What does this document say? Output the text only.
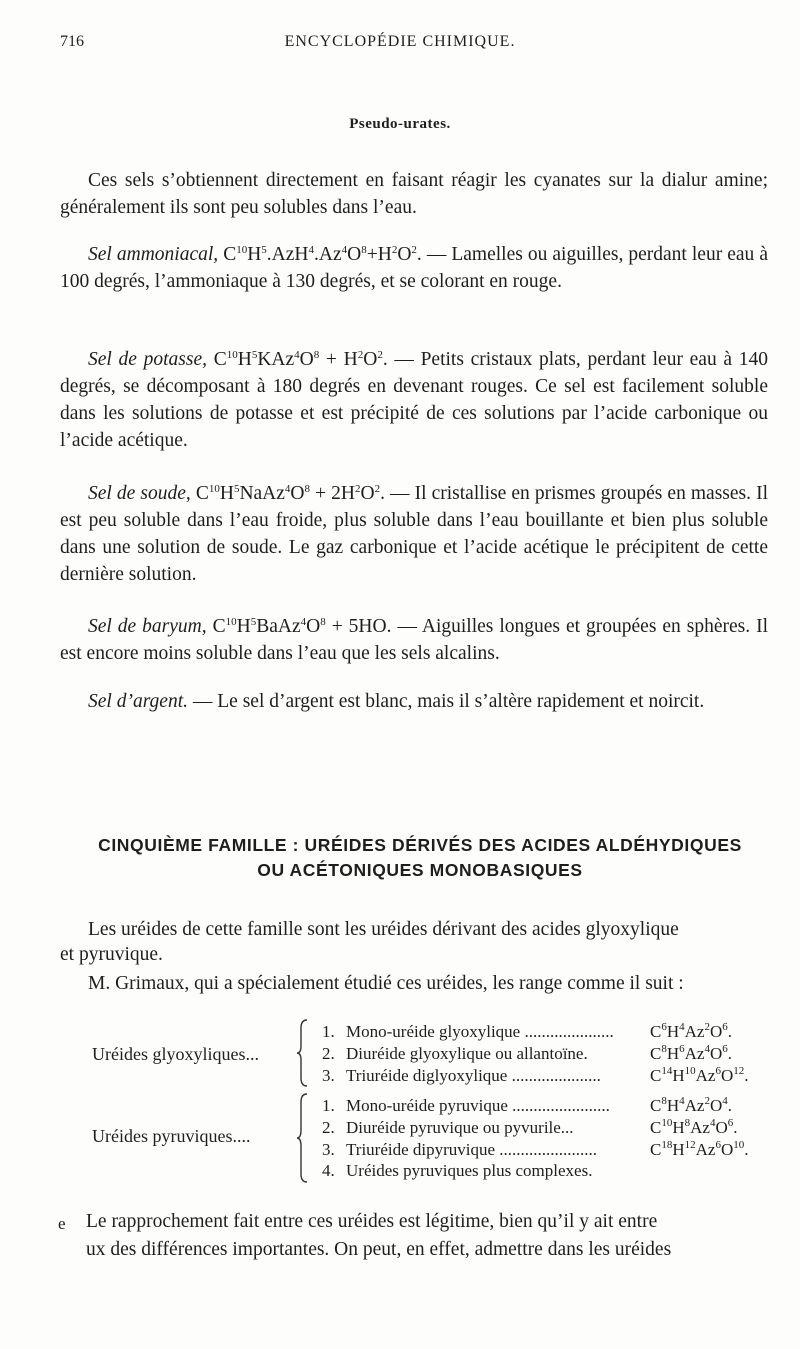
716	ENCYCLOPÉDIE CHIMIQUE.
Pseudo-urates.

Ces sels s’obtiennent directement en faisant réagir les cyanates sur la dialur amine; généralement ils sont peu solubles dans l’eau.

Sel ammoniacal, $C^{10}H^5.AzH^4.Az^4O^8+H^2O^2$. — Lamelles ou aiguilles, perdant leur eau à 100 degrés, l’ammoniaque à 130 degrés, et se colorant en rouge.

Sel de potasse, $C^{10}H^5KAz^4O^8 + H^2O^2$. — Petits cristaux plats, perdant leur eau à 140 degrés, se décomposant à 180 degrés en devenant rouges. Ce sel est facilement soluble dans les solutions de potasse et est précipité de ces solutions par l’acide carbonique ou l’acide acétique.

Sel de soude, $C^{10}H^5NaAz^4O^8 + 2H^2O^2$. — Il cristallise en prismes groupés en masses. Il est peu soluble dans l’eau froide, plus soluble dans l’eau bouillante et bien plus soluble dans une solution de soude. Le gaz carbonique et l’acide acétique le précipitent de cette dernière solution.

Sel de baryum, $C^{10}H^5BaAz^4O^8 + 5HO$. — Aiguilles longues et groupées en sphères. Il est encore moins soluble dans l’eau que les sels alcalins.

Sel d’argent. — Le sel d’argent est blanc, mais il s’altère rapidement et noircit.

CINQUIÈME FAMILLE : URÉIDES DÉRIVÉS DES ACIDES ALDÉHYDIQUES
OU ACÉTONIQUES MONOBASIQUES
Les uréides de cette famille sont les uréides dérivant des acides glyoxylique
et pyruvique.
M. Grimaux, qui a spécialement étudié ces uréides, les range comme il suit :
Uréides glyoxyliques...
1. Mono-uréide glyoxylique ..................... $C^6H^4Az^2O^6$.
2. Diuréide glyoxylique ou allantoïne.	$C^8H^6Az^4O^6$.
3. Triuréide diglyoxylique .....................	$C^{14}H^{10}Az^6O^{12}$.
Uréides pyruviques....
1. Mono-uréide pyruvique ....................... $C^8H^4Az^2O^4$.
2. Diuréide pyruvique ou pyvurile...	$C^{10}H^8Az^4O^6$.
3. Triuréide dipyruvique .......................	$C^{18}H^{12}Az^6O^{10}$.
4. Uréides pyruviques plus complexes.
e	Le rapprochement fait entre ces uréides est légitime, bien qu’il y ait entre
ux des différences importantes. On peut, en effet, admettre dans les uréides
